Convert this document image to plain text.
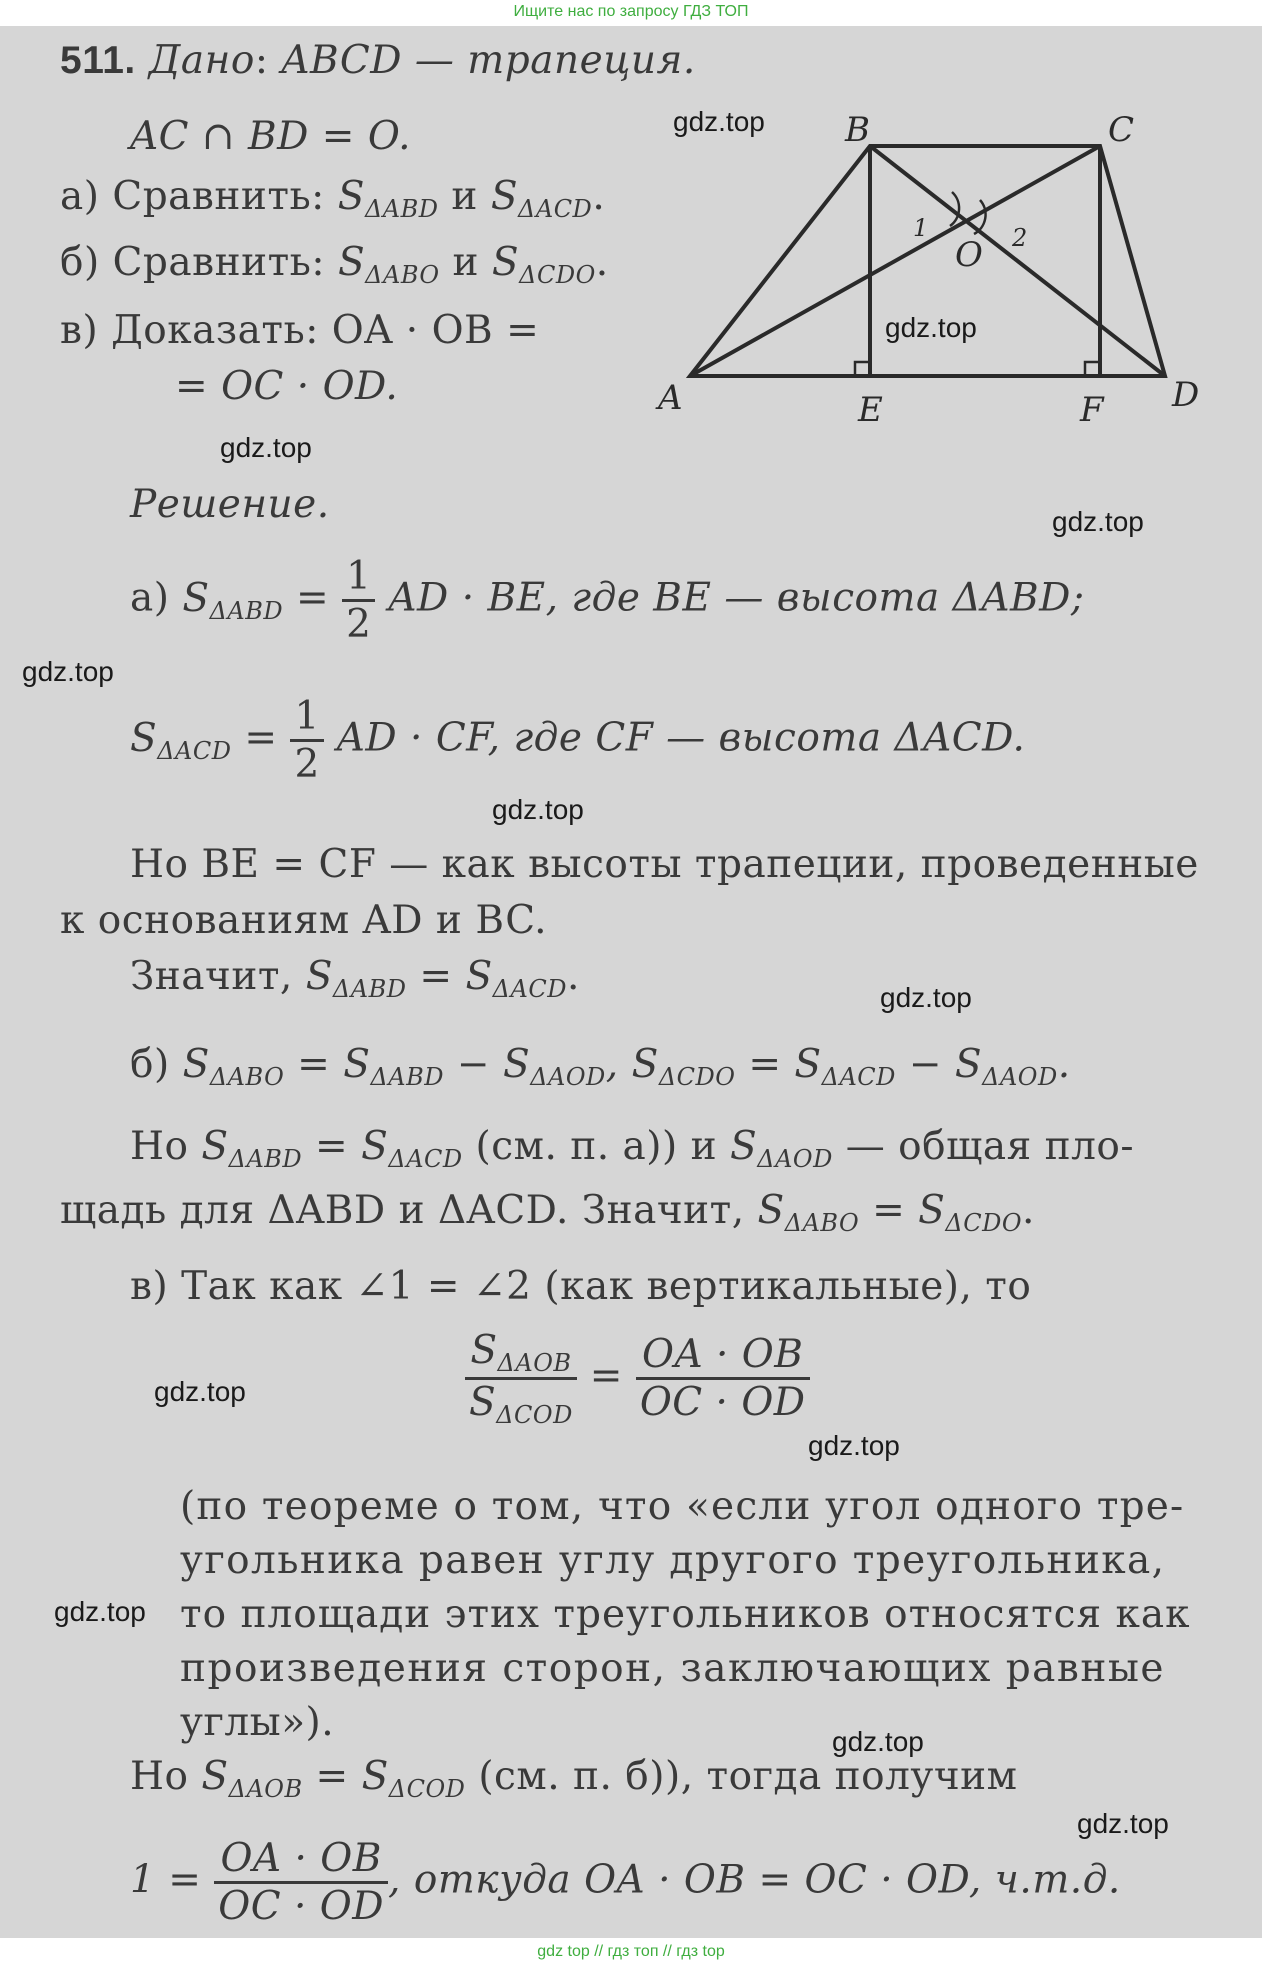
Ищите нас по запросу ГДЗ ТОП
511. Дано: ABCD — трапеция.
AC ∩ BD = O.
а) Сравнить: $S_{\Delta ABD}$ и $S_{\Delta ACD}$.
б) Сравнить: $S_{\Delta ABO}$ и $S_{\Delta CDO}$.
в) Доказать: OA · OB =
= OC · OD.	A
B	C
D
E	F
O
1	2
Решение.
а) $S_{\Delta ABD} = \frac{1}{2}$ AD · BE, где BE — высота ΔABD;
$S_{\Delta ACD} = \frac{1}{2}$ AD · CF, где CF — высота ΔACD.
Но BE = CF — как высоты трапеции, проведенные
к основаниям AD и BC.
Значит, $S_{\Delta ABD} = S_{\Delta ACD}$.
б) $S_{\Delta ABO} = S_{\Delta ABD} - S_{\Delta AOD}$, $S_{\Delta CDO} = S_{\Delta ACD} - S_{\Delta AOD}$.
Но $S_{\Delta ABD} = S_{\Delta ACD}$ (см. п. а)) и $S_{\Delta AOD}$ — общая пло-
щадь для ΔABD и ΔACD. Значит, $S_{\Delta ABO} = S_{\Delta CDO}$.
в) Так как ∠1 = ∠2 (как вертикальные), то
$\frac{S_{\Delta AOB}}{S_{\Delta COD}} = \frac{OA \cdot OB}{OC \cdot OD}$
(по теореме о том, что «если угол одного тре-
угольника равен углу другого треугольника,
то площади этих треугольников относятся как
произведения сторон, заключающих равные
углы»).
Но $S_{\Delta AOB} = S_{\Delta COD}$ (см. п. б)), тогда получим
$1 = \frac{OA \cdot OB}{OC \cdot OD}$ , откуда OA · OB = OC · OD, ч.т.д.
gdz.top
gdz.top
gdz.top
gdz.top
gdz.top
gdz.top
gdz.top
gdz.top
gdz.top
gdz.top
gdz.top
gdz.top
gdz top // гдз топ // гдз top
